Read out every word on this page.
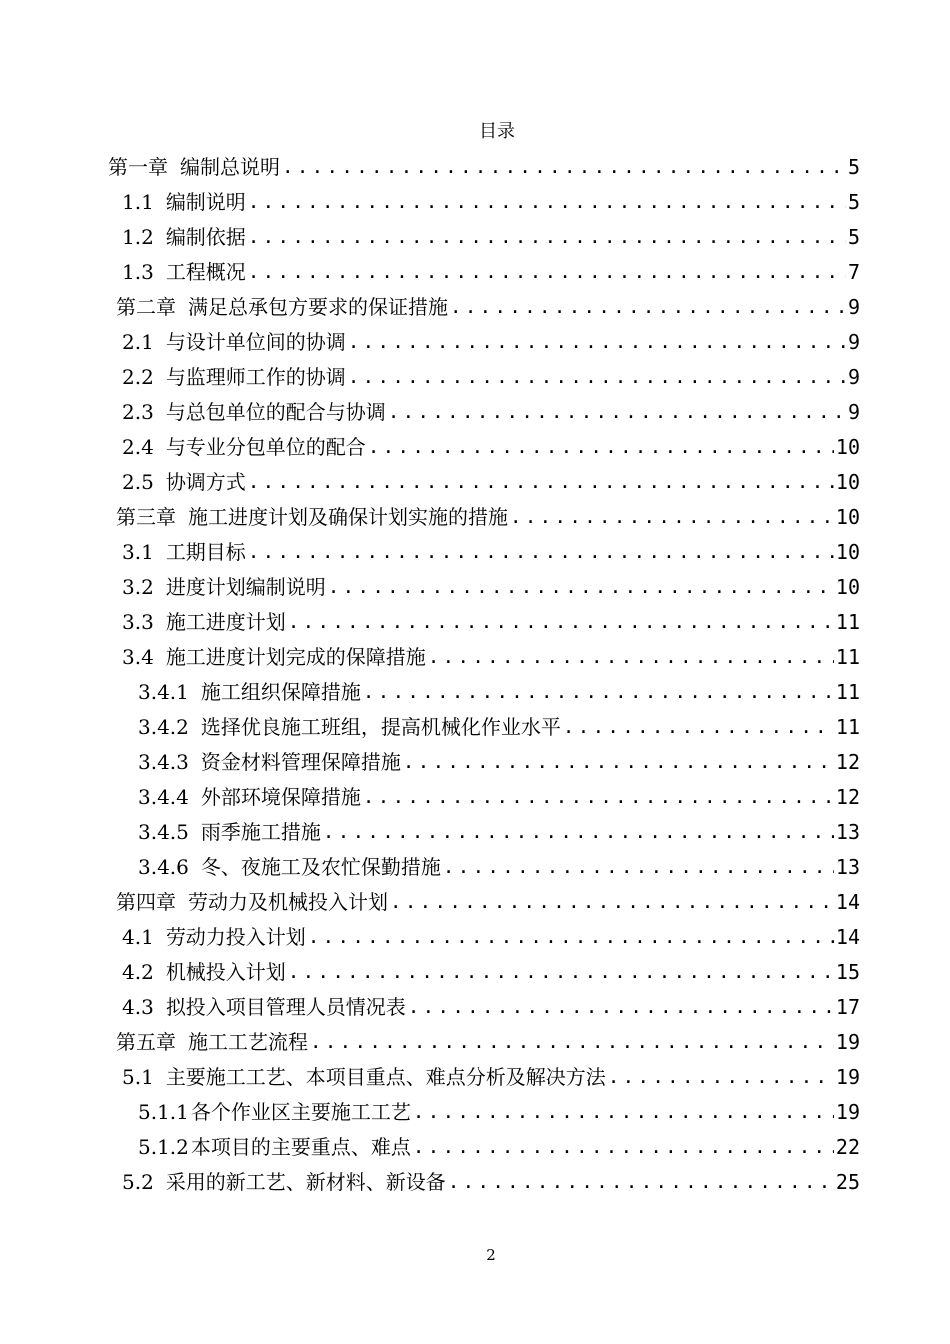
目录
第一章 编制总说明 .....	5
1.1 编制说明 .....	5
1.2 编制依据 .....	5
1.3 工程概况 .....	7
第二章 满足总承包方要求的保证措施 .....	9
2.1 与设计单位间的协调 .....	9
2.2 与监理师工作的协调 .....	9
2.3 与总包单位的配合与协调 .....	9
2.4 与专业分包单位的配合 .....	10
2.5 协调方式 .....	10
第三章 施工进度计划及确保计划实施的措施 .....	10
3.1 工期目标 .....	10
3.2 进度计划编制说明 .....	10
3.3 施工进度计划 .....	11
3.4 施工进度计划完成的保障措施 .....	11
3.4.1 施工组织保障措施 .....	11
3.4.2 选择优良施工班组，提高机械化作业水平 .....	11
3.4.3 资金材料管理保障措施 .....	12
3.4.4 外部环境保障措施 .....	12
3.4.5 雨季施工措施 .....	13
3.4.6 冬、夜施工及农忙保勤措施 .....	13
第四章 劳动力及机械投入计划 .....	14
4.1 劳动力投入计划 .....	14
4.2 机械投入计划 .....	15
4.3 拟投入项目管理人员情况表 .....	17
第五章 施工工艺流程 .....	19
5.1 主要施工工艺、本项目重点、难点分析及解决方法 .....	19
5.1.1 各个作业区主要施工工艺 .....	19
5.1.2 本项目的主要重点、难点 .....	22
5.2 采用的新工艺、新材料、新设备 .....	25
2
